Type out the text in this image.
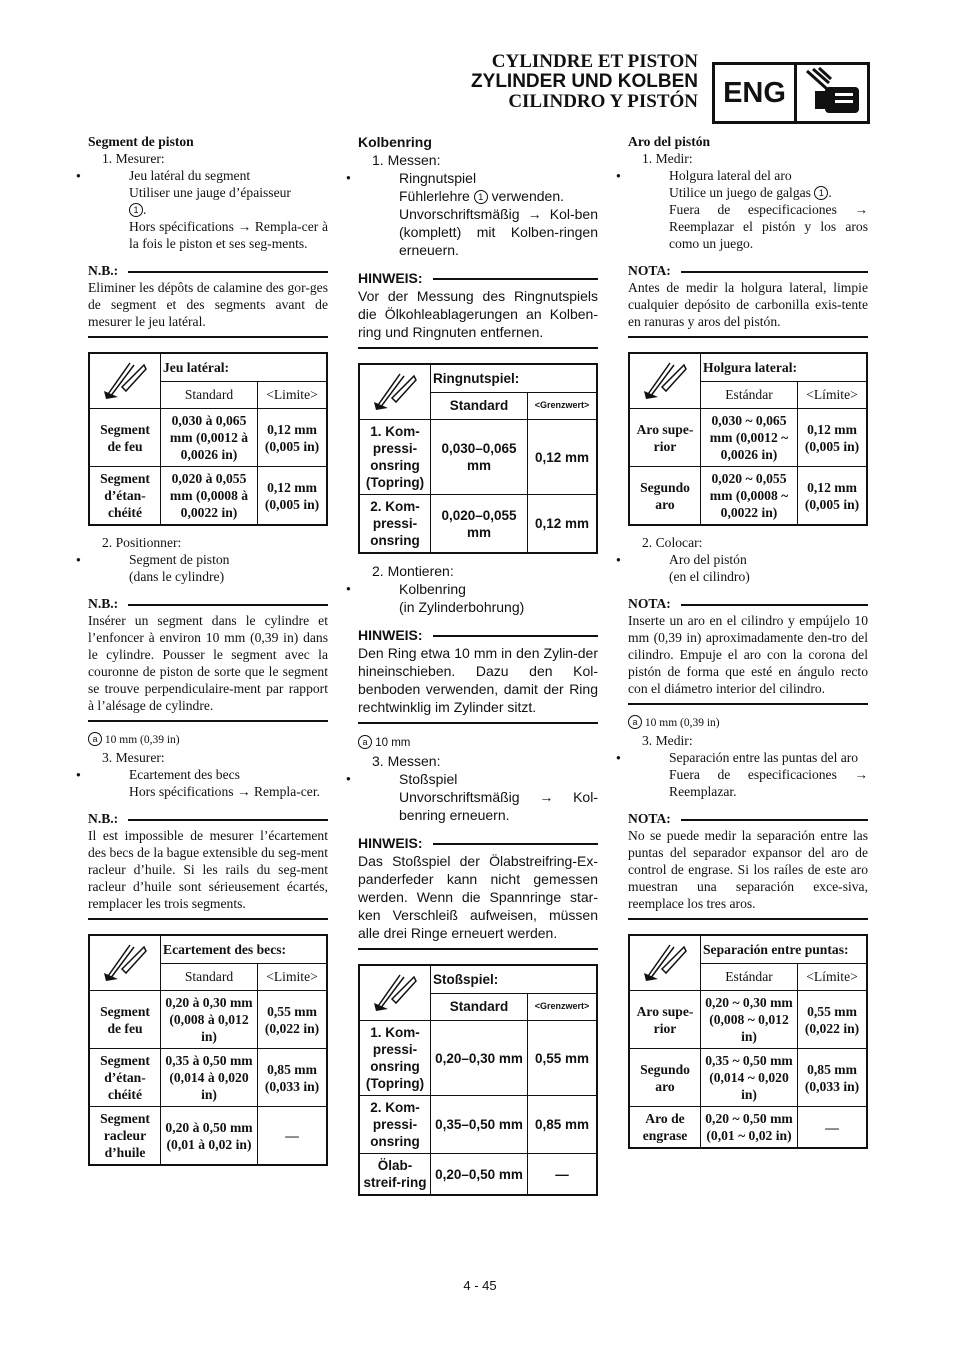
CYLINDRE ET PISTON
ZYLINDER UND KOLBEN
CILINDRO Y PISTÓN ENG
Segment de piston
1. Mesurer:
● Jeu latéral du segment
Utiliser une jauge d’épaisseur
1 .
Hors spécifications → Rempla-cer à la fois le piston et ses seg-ments.
N.B.:
Eliminer les dépôts de calamine des gor-ges de segment et des segments avant de mesurer le jeu latéral.
	Jeu latéral:	
	Standard	<Limite>
Segment de feu	0,030 à 0,065 mm (0,0012 à 0,0026 in)	0,12 mm (0,005 in)
Segment d’étan-chéité	0,020 à 0,055 mm (0,0008 à 0,0022 in)	0,12 mm (0,005 in)
2. Positionner:
● Segment de piston
(dans le cylindre)
N.B.:
Insérer un segment dans le cylindre et l’enfoncer à environ 10 mm (0,39 in) dans le cylindre. Pousser le segment avec la couronne de piston de sorte que le segment se trouve perpendiculaire-ment par rapport à l’alésage de cylindre.
a 10 mm (0,39 in)
3. Mesurer:
● Ecartement des becs
Hors spécifications → Rempla-cer.
N.B.:
Il est impossible de mesurer l’écartement des becs de la bague extensible du seg-ment racleur d’huile. Si les rails du seg-ment racleur d’huile sont sérieusement écartés, remplacer les trois segments.
	Ecartement des becs:	
	Standard	<Limite>
Segment de feu	0,20 à 0,30 mm (0,008 à 0,012 in)	0,55 mm (0,022 in)
Segment d’étan-chéité	0,35 à 0,50 mm (0,014 à 0,020 in)	0,85 mm (0,033 in)
Segment racleur d’huile	0,20 à 0,50 mm (0,01 à 0,02 in)	—
Kolbenring
1. Messen:
● Ringnutspiel
Fühlerlehre 1 verwenden.
Unvorschriftsmäßig → Kol-ben (komplett) mit Kolben-ringen erneuern.
HINWEIS:
Vor der Messung des Ringnutspiels die Ölkohleablagerungen an Kolben-ring und Ringnuten entfernen.
	Ringnutspiel:	
	Standard	<Grenzwert>
1. Kom-pressi-onsring (Topring)	0,030–0,065 mm	0,12 mm
2. Kom-pressi-onsring	0,020–0,055 mm	0,12 mm
2. Montieren:
● Kolbenring
(in Zylinderbohrung)
HINWEIS:
Den Ring etwa 10 mm in den Zylin-der hineinschieben. Dazu den Kol-benboden verwenden, damit der Ring rechtwinklig im Zylinder sitzt.
a 10 mm
3. Messen:
● Stoßspiel
Unvorschriftsmäßig → Kol-benring erneuern.
HINWEIS:
Das Stoßspiel der Ölabstreifring-Ex-panderfeder kann nicht gemessen werden. Wenn die Spannringe star-ken Verschleiß aufweisen, müssen alle drei Ringe erneuert werden.
	Stoßspiel:	
	Standard	<Grenzwert>
1. Kom-pressi-onsring (Topring)	0,20–0,30 mm	0,55 mm
2. Kom-pressi-onsring	0,35–0,50 mm	0,85 mm
Ölab-streif-ring	0,20–0,50 mm	—
Aro del pistón
1. Medir:
● Holgura lateral del aro
Utilice un juego de galgas 1 .
Fuera de especificaciones → Reemplazar el pistón y los aros como un juego.
NOTA:
Antes de medir la holgura lateral, limpie cualquier depósito de carbonilla exis-tente en ranuras y aros del pistón.
	Holgura lateral:	
	Estándar	<Límite>
Aro supe-rior	0,030 ~ 0,065 mm (0,0012 ~ 0,0026 in)	0,12 mm (0,005 in)
Segundo aro	0,020 ~ 0,055 mm (0,0008 ~ 0,0022 in)	0,12 mm (0,005 in)
2. Colocar:
● Aro del pistón
(en el cilindro)
NOTA:
Inserte un aro en el cilindro y empújelo 10 mm (0,39 in) aproximadamente den-tro del cilindro. Empuje el aro con la corona del pistón de forma que esté en ángulo recto con el diámetro interior del cilindro.
a 10 mm (0,39 in)
3. Medir:
● Separación entre las puntas del aro
Fuera de especificaciones → Reemplazar.
NOTA:
No se puede medir la separación entre las puntas del separador expansor del aro de control de engrase. Si los raíles de este aro muestran una separación exce-siva, reemplace los tres aros.
	Separación entre puntas:	
	Estándar	<Límite>
Aro supe-rior	0,20 ~ 0,30 mm (0,008 ~ 0,012 in)	0,55 mm (0,022 in)
Segundo aro	0,35 ~ 0,50 mm (0,014 ~ 0,020 in)	0,85 mm (0,033 in)
Aro de engrase	0,20 ~ 0,50 mm (0,01 ~ 0,02 in)	—
4 - 45
